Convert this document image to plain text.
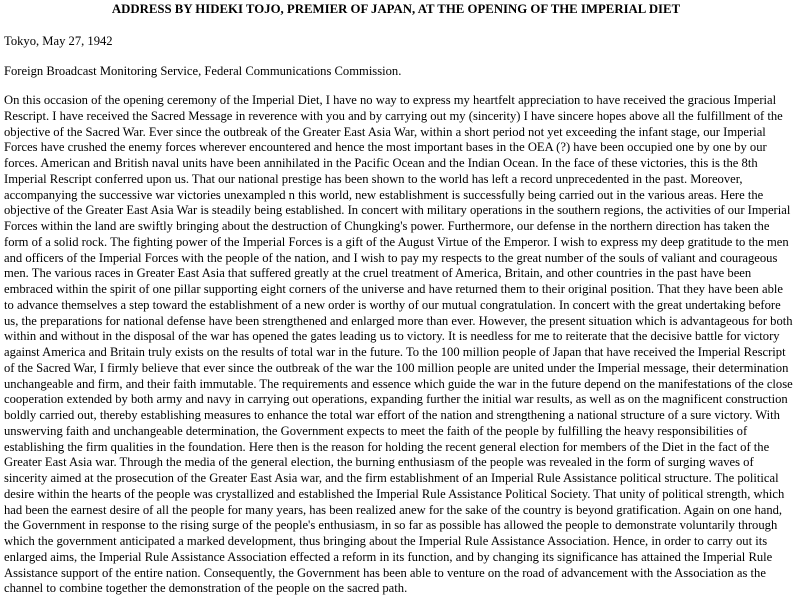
ADDRESS BY HIDEKI TOJO, PREMIER OF JAPAN, AT THE OPENING OF THE IMPERIAL DIET
Tokyo, May 27, 1942
Foreign Broadcast Monitoring Service, Federal Communications Commission.

On this occasion of the opening ceremony of the Imperial Diet, I have no way to express my heartfelt appreciation to have received the gracious Imperial Rescript. I have received the Sacred Message in reverence with you and by carrying out my (sincerity) I have sincere hopes above all the fulfillment of the objective of the Sacred War. Ever since the outbreak of the Greater East Asia War, within a short period not yet exceeding the infant stage, our Imperial Forces have crushed the enemy forces wherever encountered and hence the most important bases in the OEA (?) have been occupied one by one by our forces. American and British naval units have been annihilated in the Pacific Ocean and the Indian Ocean. In the face of these victories, this is the 8th Imperial Rescript conferred upon us. That our national prestige has been shown to the world has left a record unprecedented in the past. Moreover, accompanying the successive war victories unexampled n this world, new establishment is successfully being carried out in the various areas. Here the objective of the Greater East Asia War is steadily being established. In concert with military operations in the southern regions, the activities of our Imperial Forces within the land are swiftly bringing about the destruction of Chungking's power. Furthermore, our defense in the northern direction has taken the form of a solid rock. The fighting power of the Imperial Forces is a gift of the August Virtue of the Emperor. I wish to express my deep gratitude to the men and officers of the Imperial Forces with the people of the nation, and I wish to pay my respects to the great number of the souls of valiant and courageous men. The various races in Greater East Asia that suffered greatly at the cruel treatment of America, Britain, and other countries in the past have been embraced within the spirit of one pillar supporting eight corners of the universe and have returned them to their original position. That they have been able to advance themselves a step toward the establishment of a new order is worthy of our mutual congratulation. In concert with the great undertaking before us, the preparations for national defense have been strengthened and enlarged more than ever. However, the present situation which is advantageous for both within and without in the disposal of the war has opened the gates leading us to victory. It is needless for me to reiterate that the decisive battle for victory against America and Britain truly exists on the results of total war in the future. To the 100 million people of Japan that have received the Imperial Rescript of the Sacred War, I firmly believe that ever since the outbreak of the war the 100 million people are united under the Imperial message, their determination unchangeable and firm, and their faith immutable. The requirements and essence which guide the war in the future depend on the manifestations of the close cooperation extended by both army and navy in carrying out operations, expanding further the initial war results, as well as on the magnificent construction boldly carried out, thereby establishing measures to enhance the total war effort of the nation and strengthening a national structure of a sure victory. With unswerving faith and unchangeable determination, the Government expects to meet the faith of the people by fulfilling the heavy responsibilities of establishing the firm qualities in the foundation. Here then is the reason for holding the recent general election for members of the Diet in the fact of the Greater East Asia war. Through the media of the general election, the burning enthusiasm of the people was revealed in the form of surging waves of sincerity aimed at the prosecution of the Greater East Asia war, and the firm establishment of an Imperial Rule Assistance political structure. The political desire within the hearts of the people was crystallized and established the Imperial Rule Assistance Political Society. That unity of political strength, which had been the earnest desire of all the people for many years, has been realized anew for the sake of the country is beyond gratification. Again on one hand, the Government in response to the rising surge of the people's enthusiasm, in so far as possible has allowed the people to demonstrate voluntarily through which the government anticipated a marked development, thus bringing about the Imperial Rule Assistance Association. Hence, in order to carry out its enlarged aims, the Imperial Rule Assistance Association effected a reform in its function, and by changing its significance has attained the Imperial Rule Assistance support of the entire nation. Consequently, the Government has been able to venture on the road of advancement with the Association as the channel to combine together the demonstration of the people on the sacred path.
